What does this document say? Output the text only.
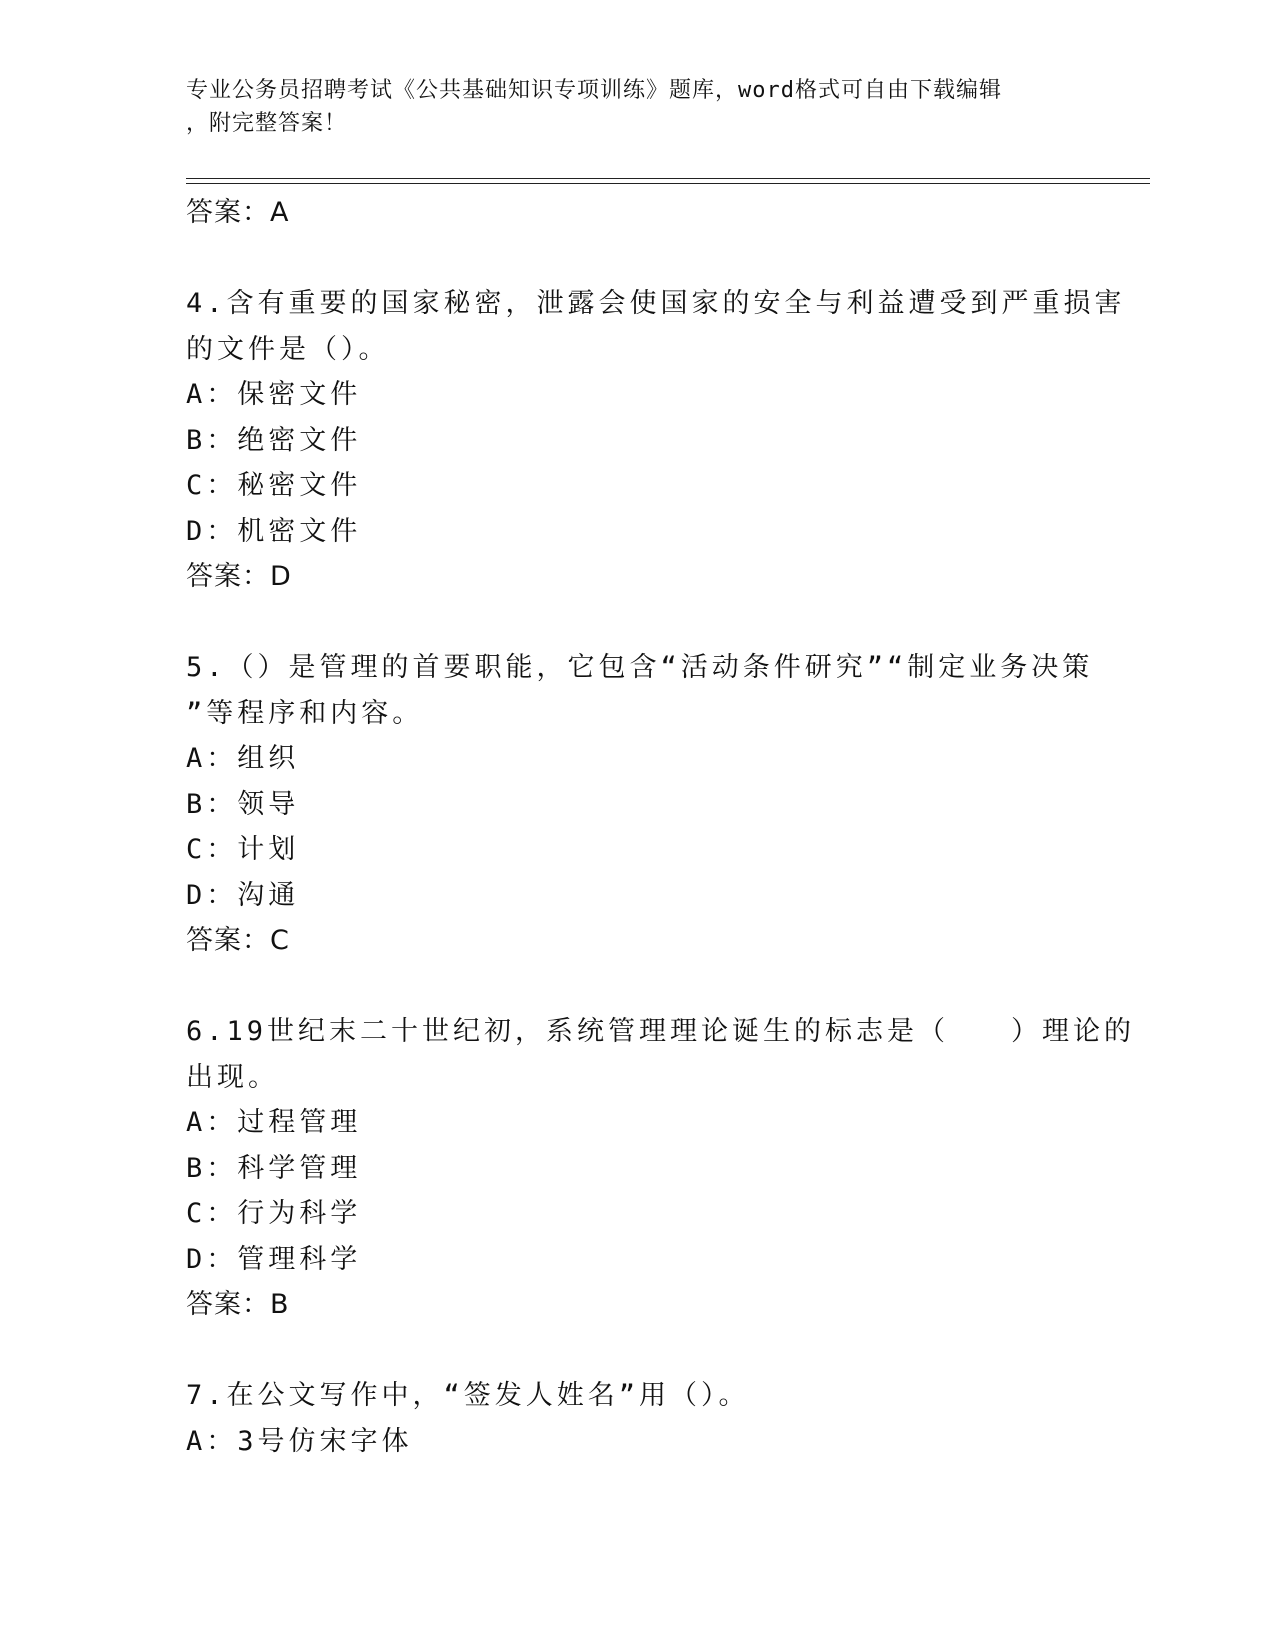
专业公务员招聘考试《公共基础知识专项训练》题库，word格式可自由下载编辑
，附完整答案！
答案：A
4.含有重要的国家秘密，泄露会使国家的安全与利益遭受到严重损害
的文件是（）。
A：保密文件
B：绝密文件
C：秘密文件
D：机密文件
答案：D
5.（）是管理的首要职能，它包含“活动条件研究”“制定业务决策
”等程序和内容。
A：组织
B：领导
C：计划
D：沟通
答案：C
6.19世纪末二十世纪初，系统管理理论诞生的标志是（　　）理论的
出现。
A：过程管理
B：科学管理
C：行为科学
D：管理科学
答案：B
7.在公文写作中，“签发人姓名”用（）。
A：3号仿宋字体
